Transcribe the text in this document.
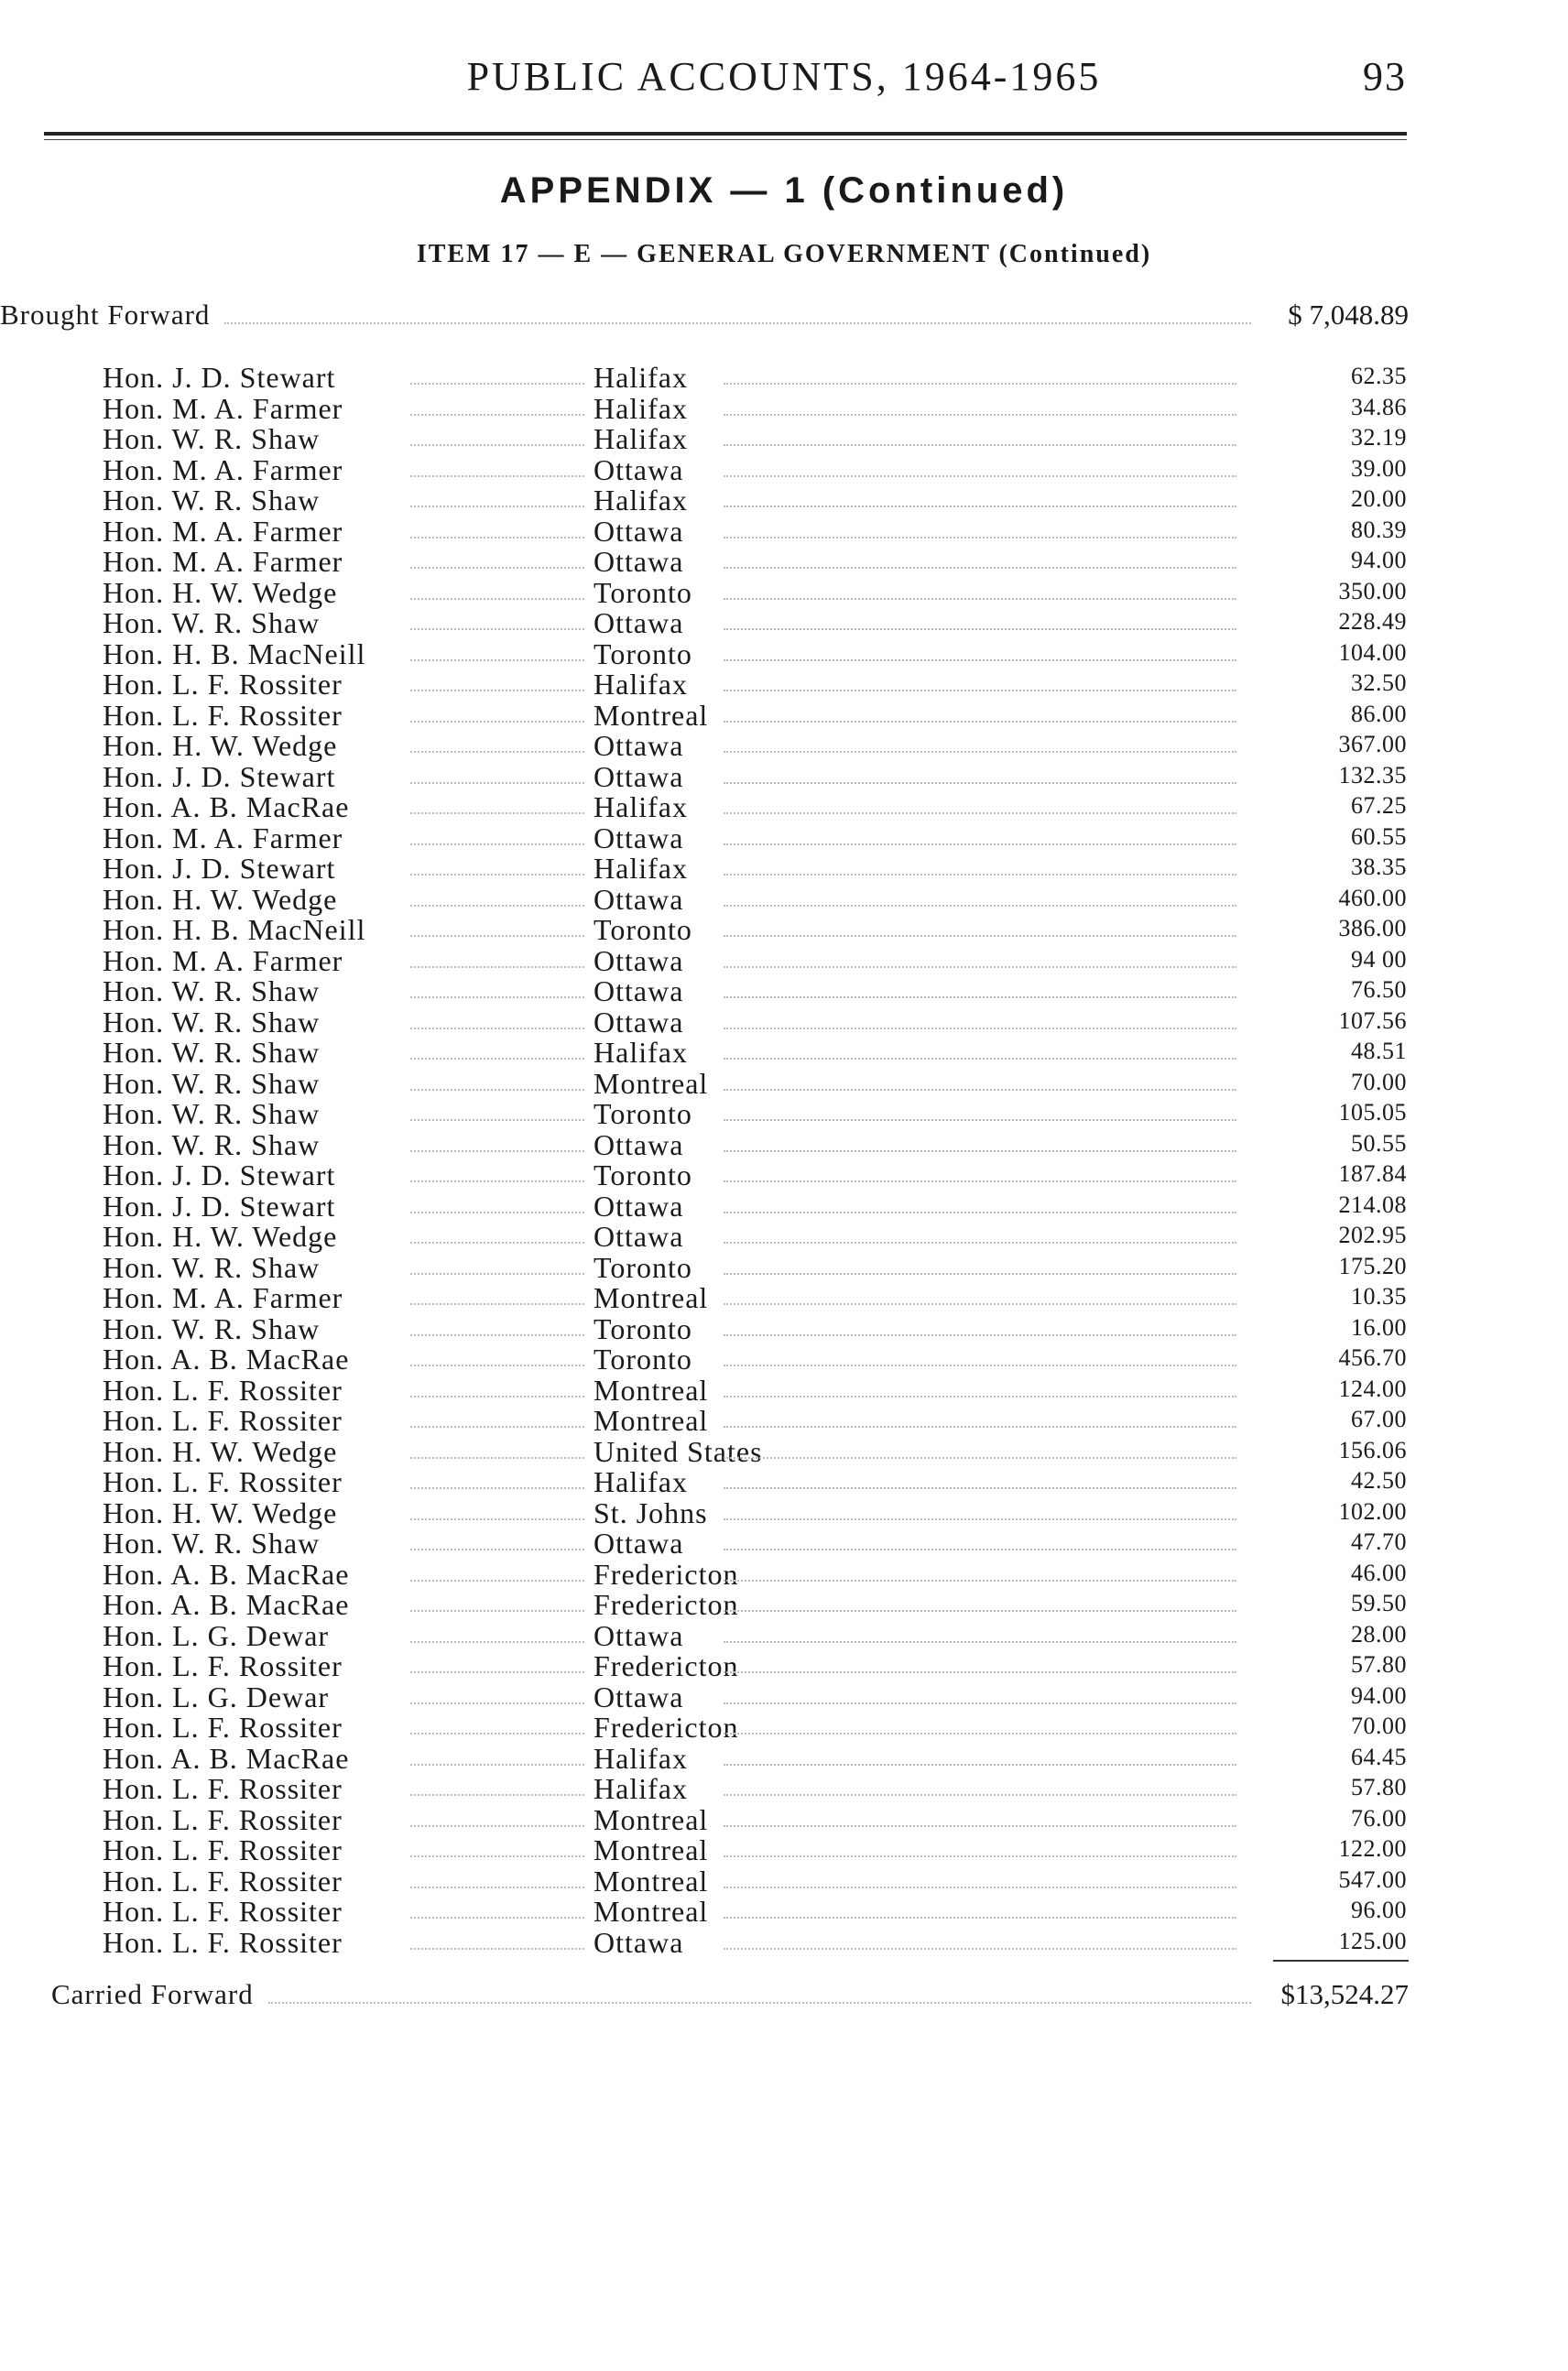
PUBLIC ACCOUNTS, 1964-1965	93
APPENDIX — 1 (Continued)
ITEM 17 — E — GENERAL GOVERNMENT (Continued)
Brought Forward	$ 7,048.89
Hon. J. D. Stewart	Halifax	62.35
Hon. M. A. Farmer	Halifax	34.86
Hon. W. R. Shaw	Halifax	32.19
Hon. M. A. Farmer	Ottawa	39.00
Hon. W. R. Shaw	Halifax	20.00
Hon. M. A. Farmer	Ottawa	80.39
Hon. M. A. Farmer	Ottawa	94.00
Hon. H. W. Wedge	Toronto	350.00
Hon. W. R. Shaw	Ottawa	228.49
Hon. H. B. MacNeill	Toronto	104.00
Hon. L. F. Rossiter	Halifax	32.50
Hon. L. F. Rossiter	Montreal	86.00
Hon. H. W. Wedge	Ottawa	367.00
Hon. J. D. Stewart	Ottawa	132.35
Hon. A. B. MacRae	Halifax	67.25
Hon. M. A. Farmer	Ottawa	60.55
Hon. J. D. Stewart	Halifax	38.35
Hon. H. W. Wedge	Ottawa	460.00
Hon. H. B. MacNeill	Toronto	386.00
Hon. M. A. Farmer	Ottawa	94 00
Hon. W. R. Shaw	Ottawa	76.50
Hon. W. R. Shaw	Ottawa	107.56
Hon. W. R. Shaw	Halifax	48.51
Hon. W. R. Shaw	Montreal	70.00
Hon. W. R. Shaw	Toronto	105.05
Hon. W. R. Shaw	Ottawa	50.55
Hon. J. D. Stewart	Toronto	187.84
Hon. J. D. Stewart	Ottawa	214.08
Hon. H. W. Wedge	Ottawa	202.95
Hon. W. R. Shaw	Toronto	175.20
Hon. M. A. Farmer	Montreal	10.35
Hon. W. R. Shaw	Toronto	16.00
Hon. A. B. MacRae	Toronto	456.70
Hon. L. F. Rossiter	Montreal	124.00
Hon. L. F. Rossiter	Montreal	67.00
Hon. H. W. Wedge	United States	156.06
Hon. L. F. Rossiter	Halifax	42.50
Hon. H. W. Wedge	St. Johns	102.00
Hon. W. R. Shaw	Ottawa	47.70
Hon. A. B. MacRae	Fredericton	46.00
Hon. A. B. MacRae	Fredericton	59.50
Hon. L. G. Dewar	Ottawa	28.00
Hon. L. F. Rossiter	Fredericton	57.80
Hon. L. G. Dewar	Ottawa	94.00
Hon. L. F. Rossiter	Fredericton	70.00
Hon. A. B. MacRae	Halifax	64.45
Hon. L. F. Rossiter	Halifax	57.80
Hon. L. F. Rossiter	Montreal	76.00
Hon. L. F. Rossiter	Montreal	122.00
Hon. L. F. Rossiter	Montreal	547.00
Hon. L. F. Rossiter	Montreal	96.00
Hon. L. F. Rossiter	Ottawa	125.00
Carried Forward	$13,524.27
